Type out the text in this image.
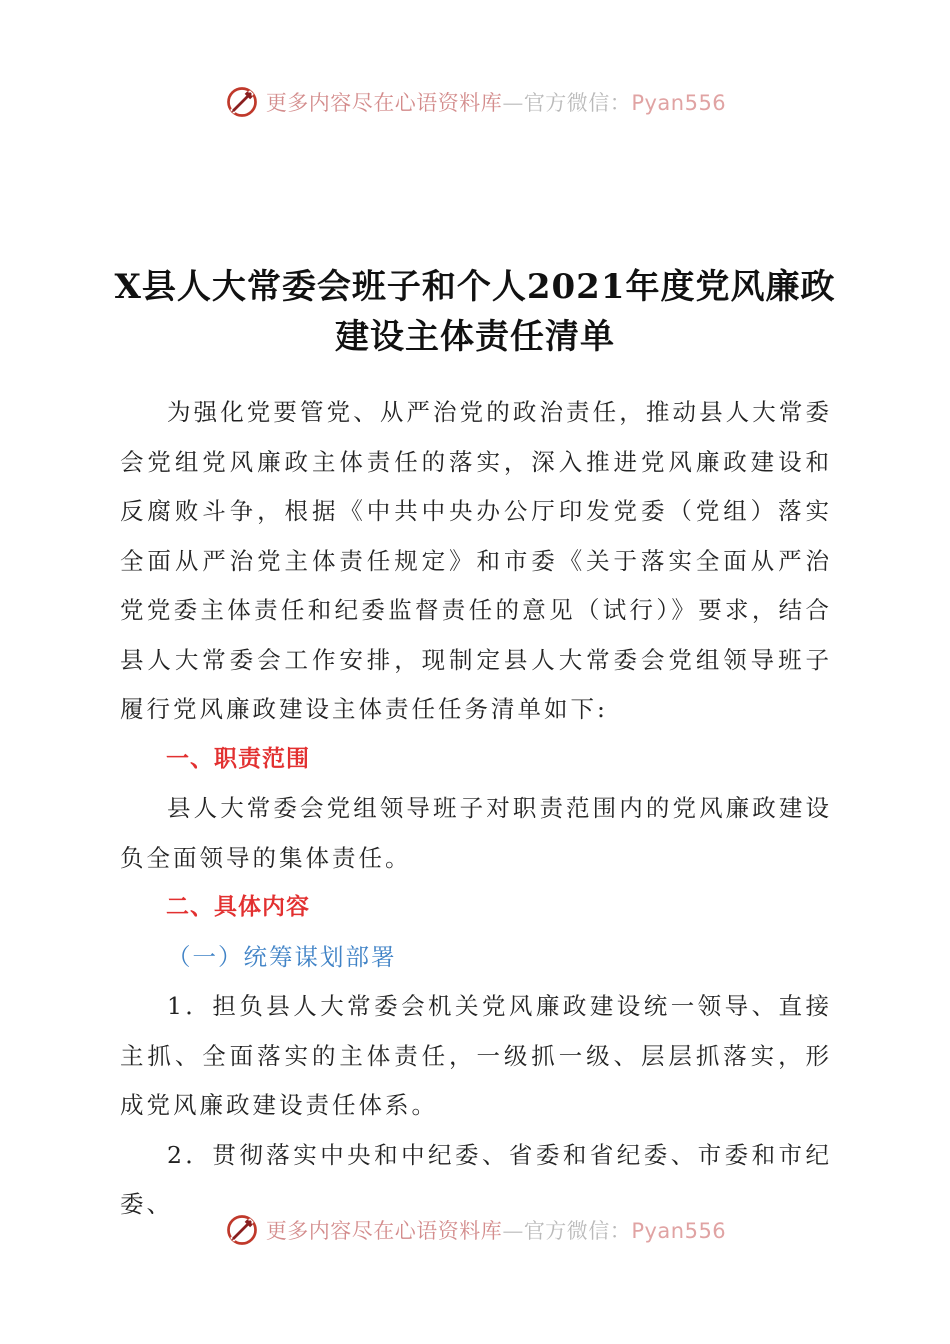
更多内容尽在心语资料库—官方微信：Pyan556
X县人大常委会班子和个人2021年度党风廉政
建设主体责任清单

为强化党要管党、从严治党的政治责任，推动县人大常委会党组党风廉政主体责任的落实，深入推进党风廉政建设和反腐败斗争，根据《中共中央办公厅印发党委（党组）落实全面从严治党主体责任规定》和市委《关于落实全面从严治党党委主体责任和纪委监督责任的意见（试行）》要求，结合县人大常委会工作安排，现制定县人大常委会党组领导班子履行党风廉政建设主体责任任务清单如下:

一、职责范围

县人大常委会党组领导班子对职责范围内的党风廉政建设负全面领导的集体责任。

二、具体内容
（一）统筹谋划部署

1．担负县人大常委会机关党风廉政建设统一领导、直接主抓、全面落实的主体责任，一级抓一级、层层抓落实，形成党风廉政建设责任体系。

2．贯彻落实中央和中纪委、省委和省纪委、市委和市纪委、

更多内容尽在心语资料库—官方微信：Pyan556
